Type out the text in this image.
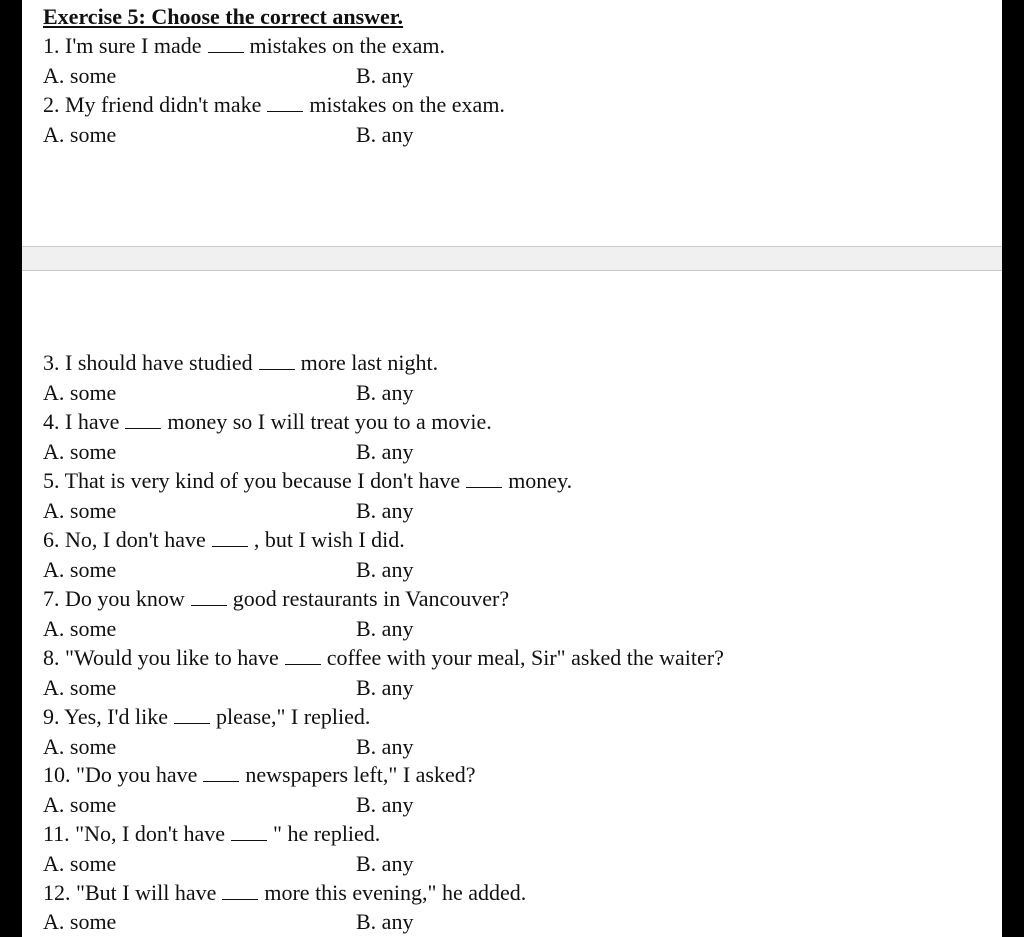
Exercise 5: Choose the correct answer.
1. I'm sure I made mistakes on the exam.
A. some	B. any
2. My friend didn't make mistakes on the exam.
A. some	B. any
3. I should have studied more last night.
A. some	B. any
4. I have money so I will treat you to a movie.
A. some	B. any
5. That is very kind of you because I don't have money.
A. some	B. any
6. No, I don't have , but I wish I did.
A. some	B. any
7. Do you know good restaurants in Vancouver?
A. some	B. any
8. "Would you like to have coffee with your meal, Sir" asked the waiter?
A. some	B. any
9. Yes, I'd like please," I replied.
A. some	B. any
10. "Do you have newspapers left," I asked?
A. some	B. any
11. "No, I don't have " he replied.
A. some	B. any
12. "But I will have more this evening," he added.
A. some	B. any
